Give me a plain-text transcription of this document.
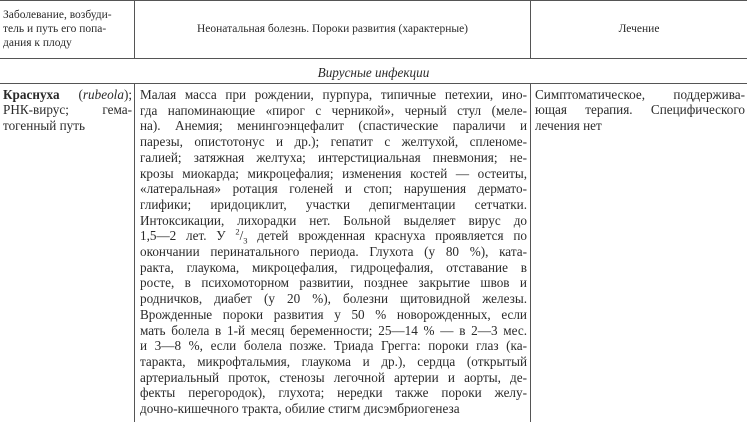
Заболевание, возбуди-
тель и путь его попа-
дания к плоду
Неонатальная болезнь. Пороки развития (характерные)	Лечение
Вирусные инфекции
Краснуха (rubeola);
РНК-вирус; гема-
тогенный путь
Малая масса при рождении, пурпура, типичные петехии, ино-
гда напоминающие «пирог с черникой», черный стул (меле-
на). Анемия; менингоэнцефалит (спастические параличи и
парезы, опистотонус и др.); гепатит с желтухой, спленоме-
галией; затяжная желтуха; интерстициальная пневмония; не-
крозы миокарда; микроцефалия; изменения костей — остеиты,
«латеральная» ротация голеней и стоп; нарушения дермато-
глифики; иридоциклит, участки депигментации сетчатки.
Интоксикации, лихорадки нет. Больной выделяет вирус до
1,5—2 лет. У $^2/_3$ детей врожденная краснуха проявляется по
окончании перинатального периода. Глухота (у 80 %), ката-
ракта, глаукома, микроцефалия, гидроцефалия, отставание в
росте, в психомоторном развитии, позднее закрытие швов и
родничков, диабет (у 20 %), болезни щитовидной железы.
Врожденные пороки развития у 50 % новорожденных, если
мать болела в 1-й месяц беременности; 25—14 % — в 2—3 мес.
и 3—8 %, если болела позже. Триада Грегга: пороки глаз (ка-
таракта, микрофтальмия, глаукома и др.), сердца (открытый
артериальный проток, стенозы легочной артерии и аорты, де-
фекты перегородок), глухота; нередки также пороки желу-
дочно-кишечного тракта, обилие стигм дисэмбриогенеза
Симптоматическое, поддержива-
ющая терапия. Специфического
лечения нет
